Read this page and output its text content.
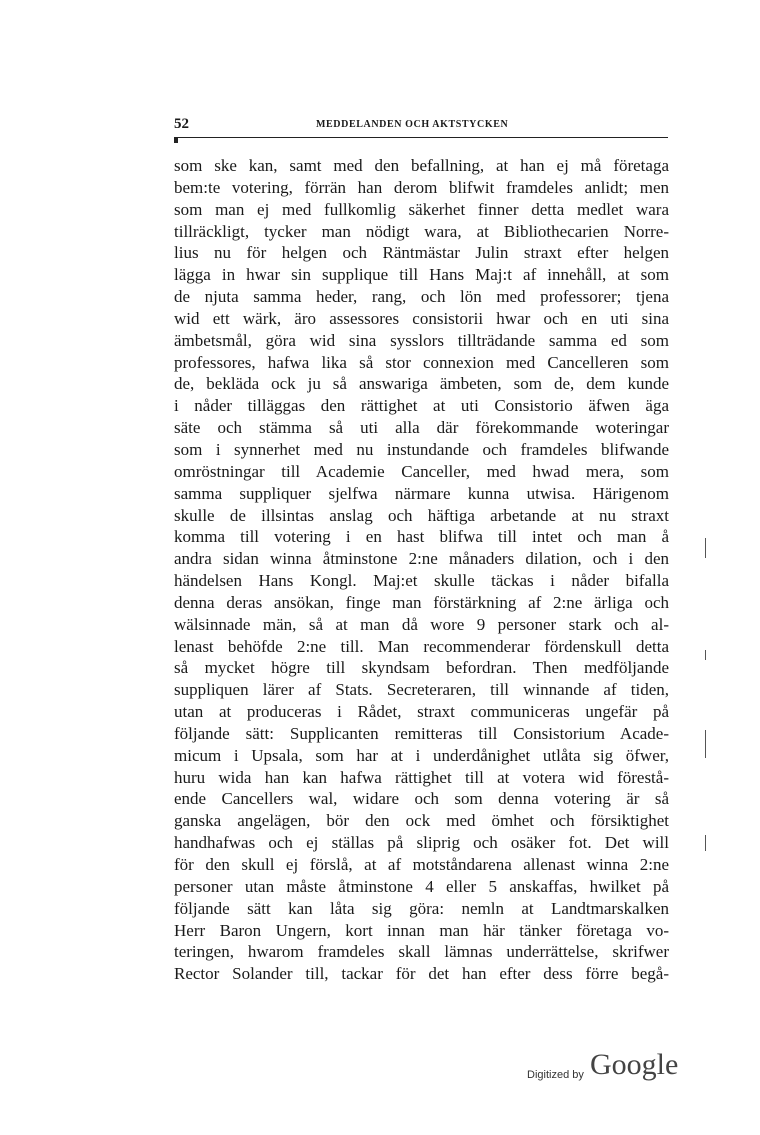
52	MEDDELANDEN OCH AKTSTYCKEN
som ske kan, samt med den befallning, at han ej må företaga
bem:te votering, förrän han derom blifwit framdeles anlidt; men
som man ej med fullkomlig säkerhet finner detta medlet wara
tillräckligt, tycker man nödigt wara, at Bibliothecarien Norre-
lius nu för helgen och Räntmästar Julin straxt efter helgen
lägga in hwar sin supplique till Hans Maj:t af innehåll, at som
de njuta samma heder, rang, och lön med professorer; tjena
wid ett wärk, äro assessores consistorii hwar och en uti sina
ämbetsmål, göra wid sina sysslors tillträdande samma ed som
professores, hafwa lika så stor connexion med Cancelleren som
de, bekläda ock ju så answariga ämbeten, som de, dem kunde
i nåder tilläggas den rättighet at uti Consistorio äfwen äga
säte och stämma så uti alla där förekommande woteringar
som i synnerhet med nu instundande och framdeles blifwande
omröstningar till Academie Canceller, med hwad mera, som
samma suppliquer sjelfwa närmare kunna utwisa. Härigenom
skulle de illsintas anslag och häftiga arbetande at nu straxt
komma till votering i en hast blifwa till intet och man å
andra sidan winna åtminstone 2:ne månaders dilation, och i den
händelsen Hans Kongl. Maj:et skulle täckas i nåder bifalla
denna deras ansökan, finge man förstärkning af 2:ne ärliga och
wälsinnade män, så at man då wore 9 personer stark och al-
lenast behöfde 2:ne till. Man recommenderar fördenskull detta
så mycket högre till skyndsam befordran. Then medföljande
suppliquen lärer af Stats. Secreteraren, till winnande af tiden,
utan at produceras i Rådet, straxt communiceras ungefär på
följande sätt: Supplicanten remitteras till Consistorium Acade-
micum i Upsala, som har at i underdånighet utlåta sig öfwer,
huru wida han kan hafwa rättighet till at votera wid förestå-
ende Cancellers wal, widare och som denna votering är så
ganska angelägen, bör den ock med ömhet och försiktighet
handhafwas och ej ställas på sliprig och osäker fot. Det will
för den skull ej förslå, at af motståndarena allenast winna 2:ne
personer utan måste åtminstone 4 eller 5 anskaffas, hwilket på
följande sätt kan låta sig göra: nemln at Landtmarskalken
Herr Baron Ungern, kort innan man här tänker företaga vo-
teringen, hwarom framdeles skall lämnas underrättelse, skrifwer
Rector Solander till, tackar för det han efter dess förre begå-
Digitized by Google
